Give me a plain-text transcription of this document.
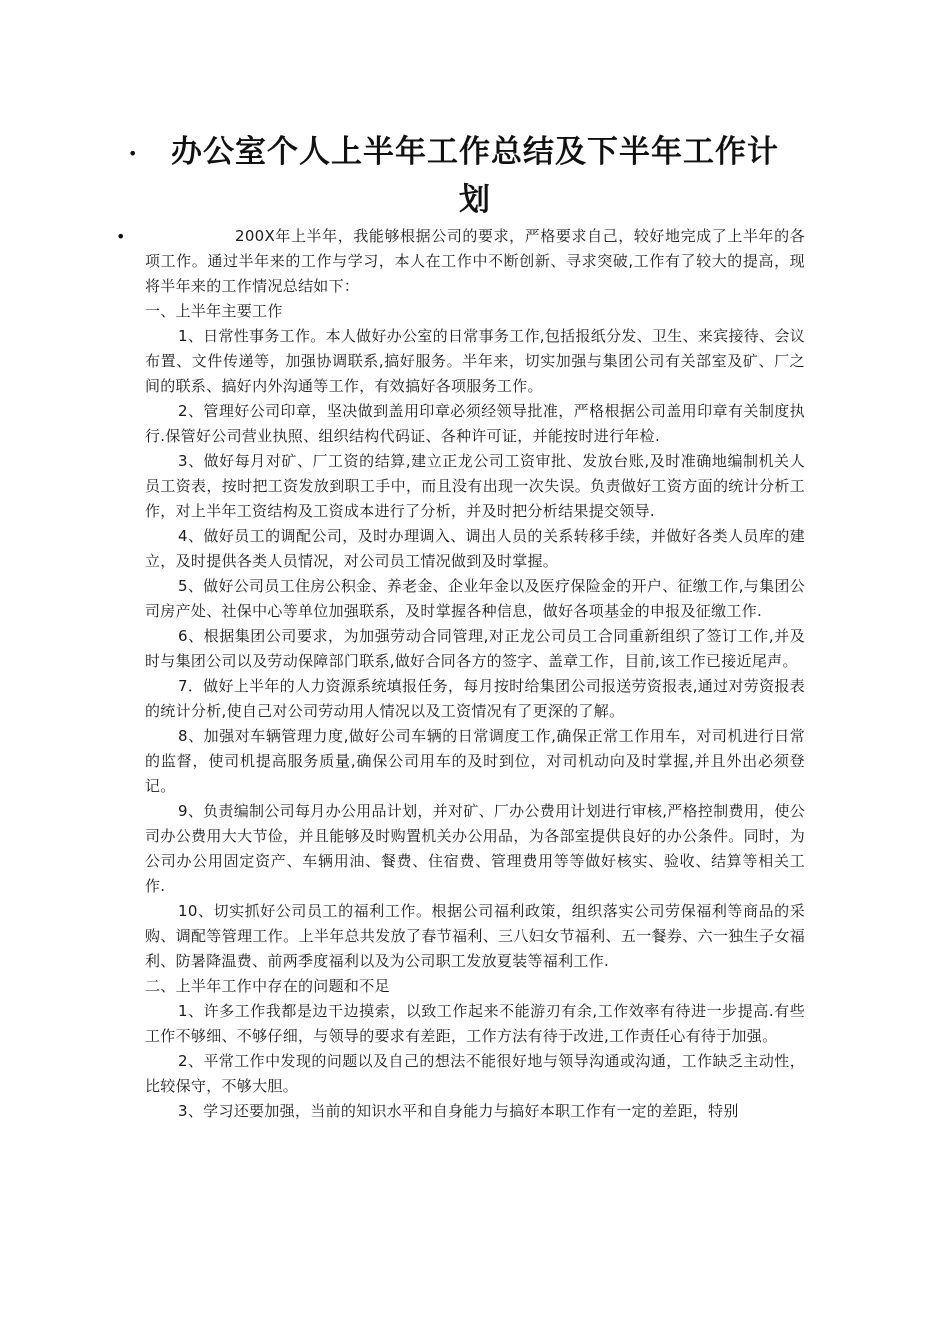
•	办公室个人上半年工作总结及下半年工作计
划
•	200X年上半年，我能够根据公司的要求，严格要求自己，较好地完成了上半年的各项工作。通过半年来的工作与学习，本人在工作中不断创新、寻求突破,工作有了较大的提高，现将半年来的工作情况总结如下：

一、上半年主要工作

1、日常性事务工作。本人做好办公室的日常事务工作,包括报纸分发、卫生、来宾接待、会议布置、文件传递等，加强协调联系,搞好服务。半年来，切实加强与集团公司有关部室及矿、厂之间的联系、搞好内外沟通等工作，有效搞好各项服务工作。

2、管理好公司印章，坚决做到盖用印章必须经领导批准，严格根据公司盖用印章有关制度执行.保管好公司营业执照、组织结构代码证、各种许可证，并能按时进行年检.

3、做好每月对矿、厂工资的结算,建立正龙公司工资审批、发放台账,及时准确地编制机关人员工资表，按时把工资发放到职工手中，而且没有出现一次失误。负责做好工资方面的统计分析工作，对上半年工资结构及工资成本进行了分析，并及时把分析结果提交领导.

4、做好员工的调配公司，及时办理调入、调出人员的关系转移手续，并做好各类人员库的建立，及时提供各类人员情况，对公司员工情况做到及时掌握。

5、做好公司员工住房公积金、养老金、企业年金以及医疗保险金的开户、征缴工作,与集团公司房产处、社保中心等单位加强联系，及时掌握各种信息，做好各项基金的申报及征缴工作.

6、根据集团公司要求，为加强劳动合同管理,对正龙公司员工合同重新组织了签订工作,并及时与集团公司以及劳动保障部门联系,做好合同各方的签字、盖章工作，目前,该工作已接近尾声。

7．做好上半年的人力资源系统填报任务，每月按时给集团公司报送劳资报表,通过对劳资报表的统计分析,使自己对公司劳动用人情况以及工资情况有了更深的了解。

8、加强对车辆管理力度,做好公司车辆的日常调度工作,确保正常工作用车，对司机进行日常的监督，使司机提高服务质量,确保公司用车的及时到位，对司机动向及时掌握,并且外出必须登记。

9、负责编制公司每月办公用品计划，并对矿、厂办公费用计划进行审核,严格控制费用，使公司办公费用大大节俭，并且能够及时购置机关办公用品，为各部室提供良好的办公条件。同时，为公司办公用固定资产、车辆用油、餐费、住宿费、管理费用等等做好核实、验收、结算等相关工作.

10、切实抓好公司员工的福利工作。根据公司福利政策，组织落实公司劳保福利等商品的采购、调配等管理工作。上半年总共发放了春节福利、三八妇女节福利、五一餐券、六一独生子女福利、防暑降温费、前两季度福利以及为公司职工发放夏装等福利工作.

二、上半年工作中存在的问题和不足

1、许多工作我都是边干边摸索，以致工作起来不能游刃有余,工作效率有待进一步提高.有些工作不够细、不够仔细，与领导的要求有差距，工作方法有待于改进,工作责任心有待于加强。

2、平常工作中发现的问题以及自己的想法不能很好地与领导沟通或沟通，工作缺乏主动性，比较保守，不够大胆。

3、学习还要加强，当前的知识水平和自身能力与搞好本职工作有一定的差距，特别
